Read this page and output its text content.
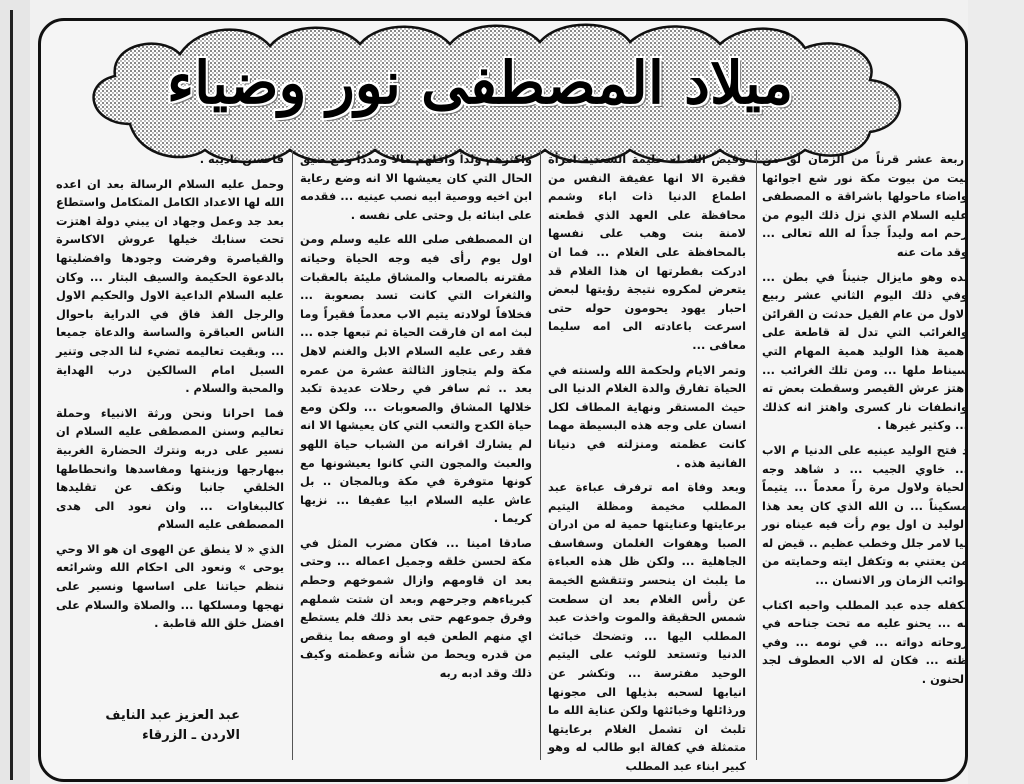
ميلاد المصطفى نور وضياء

وقيض الله له حليمة السعدية امرأة فقيرة الا انها عفيفة النفس من اطماع الدنيا ذات اباء وشمم محافظة على العهد الذي قطعته لامنة بنت وهب على نفسها بالمحافظة على الغلام ... فما ان ادركت بفطرتها ان هذا الغلام قد يتعرض لمكروه نتيجة رؤيتها لبعض احبار يهود يحومون حوله حتى اسرعت باعادته الى امه سليما معافى ...

وتمر الايام ولحكمة الله ولسنته في الحياة تفارق والدة الغلام الدنيا الى حيث المستقر ونهاية المطاف لكل انسان على وجه هذه البسيطة مهما كانت عظمته ومنزلته في دنيانا الفانية هذه .

وبعد وفاة امه ترفرف عباءة عبد المطلب مخيمة ومظلة اليتيم برعايتها وعنايتها حمية له من ادران الصبا وهفوات الغلمان وسفاسف الجاهلية ... ولكن ظل هذه العباءة ما يلبث ان ينحسر وتتقشع الخيمة عن رأس الغلام بعد ان سطعت شمس الحقيقة والموت واخذت عبد المطلب اليها ... وتضحك خبائث الدنيا وتستعد للوثب على اليتيم الوحيد مفترسة ... وتكشر عن انيابها لسحبه بذيلها الى مجونها ورذائلها وخبائثها ولكن عناية الله ما تلبث ان تشمل الغلام برعايتها متمثلة في كفالة ابو طالب له وهو كبير ابناء عبد المطلب

واكثرهم ولداً واقلهم مالا ومدداً ومع ضيق الحال التي كان يعيشها الا انه وضع رعاية ابن اخيه ووصية ابيه نصب عينيه ... فقدمه على ابنائه بل وحتى على نفسه .

ان المصطفى صلى الله عليه وسلم ومن اول يوم رأى فيه وجه الحياة وحياته مقترنه بالصعاب والمشاق مليئة بالعقبات والثغرات التي كانت تسد بصعوبة ... فخلافاً لولادته يتيم الاب معدماً فقيراً وما لبث امه ان فارقت الحياة ثم تبعها جده ... فقد رعى عليه السلام الابل والغنم لاهل مكة ولم يتجاوز الثالثة عشرة من عمره بعد .. ثم سافر في رحلات عديدة تكبد خلالها المشاق والصعوبات ... ولكن ومع حياة الكدح والتعب التي كان يعيشها الا انه لم يشارك اقرانه من الشباب حياة اللهو والعبث والمجون التي كانوا يعيشونها مع كونها متوفرة في مكة وبالمجان .. بل عاش عليه السلام ابيا عفيفا ... نزيها كريما .

صادقا امينا ... فكان مضرب المثل في مكة لحسن خلقه وجميل اعماله ... وحتى بعد ان قاومهم وازال شموخهم وحطم كبرياءهم وجرحهم وبعد ان شتت شملهم وفرق جموعهم حتى بعد ذلك فلم يستطع اي منهم الطعن فيه او وصفه بما ينقص من قدره ويحط من شأنه وعظمته وكيف ذلك وقد ادبه ربه

فاحسن تاديبه .

وحمل عليه السلام الرسالة بعد ان اعده الله لها الاعداد الكامل المتكامل واستطاع بعد جد وعمل وجهاد ان يبني دولة اهتزت تحت سنابك خيلها عروش الاكاسرة والقياصرة وفرضت وجودها وافضليتها بالدعوة الحكيمة والسيف البتار ... وكان عليه السلام الداعية الاول والحكيم الاول والرجل الفذ فاق في الدراية باحوال الناس العباقرة والساسة والدعاة جميعا ... وبقيت تعاليمه تضيء لنا الدجى وتنير السبل امام السالكين درب الهداية والمحبة والسلام .

فما احرانا ونحن ورثة الانبياء وحملة تعاليم وسنن المصطفى عليه السلام ان نسير على دربه ونترك الحضارة الغربية ببهارجها وزينتها ومفاسدها وانحطاطها الخلقي جانبا ونكف عن تقليدها كالببغاوات ... وان نعود الى هدى المصطفى عليه السلام

الذي « لا ينطق عن الهوى ان هو الا وحي يوحى » ونعود الى احكام الله وشرائعه ننظم حياتنا على اساسها ونسير على نهجها ومسلكها ... والصلاة والسلام على افضل خلق الله قاطبة .

عبد العزيز عبد النايف
الاردن ـ الزرقاء

اربعة عشر قرناً من الزمان لق من بيت من بيوت مكة نور شع اجوائها واضاء ماحولها باشراقة ه المصطفى عليه السلام الذي نزل ذلك اليوم من رحم امه وليداً جداً له الله تعالى ... وقد مات عنه

لده وهو مايزال جنيناً في بطن ... وفي ذلك اليوم الثاني عشر ربيع الاول من عام الفيل حدثت ن القرائن والغرائب التي تدل لة قاطعة على اهمية هذا الوليد همية المهام التي سيناط ملها ... ومن تلك الغرائب ... اهتز عرش القيصر وسقطت بعض ته وانطفات نار كسرى واهتز انه كذلك ... وكثير غيرها .

د فتح الوليد عينيه على الدنيا م الاب ... خاوي الجيب ... د شاهد وجه الحياة ولاول مرة راً معدماً ... يتيماً مسكيناً ... ن الله الذي كان يعد هذا الوليد ن اول يوم رأت فيه عيناه نور نيا لامر جلل وخطب عظيم .. قيض له من يعتني به وتكفل ايته وحمايته من نوائب الزمان ور الانسان ...

نكفله جده عبد المطلب واحبه اكتاب له ... يحنو عليه مه تحت جناحه في روحاته دواته ... في نومه ... وفي ظته ... فكان له الاب العطوف لجد الحنون .
